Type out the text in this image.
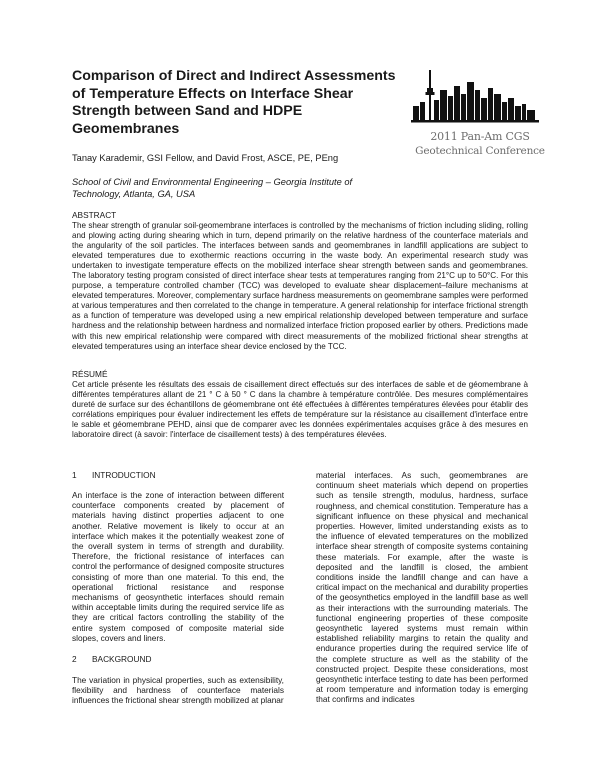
Comparison of Direct and Indirect Assessments of Temperature Effects on Interface Shear Strength between Sand and HDPE Geomembranes
Tanay Karademir, GSI Fellow, and David Frost, ASCE, PE, PEng
School of Civil and Environmental Engineering – Georgia Institute of Technology, Atlanta, GA, USA
2011 Pan-Am CGS
Geotechnical Conference
ABSTRACT

The shear strength of granular soil-geomembrane interfaces is controlled by the mechanisms of friction including sliding, rolling and plowing acting during shearing which in turn, depend primarily on the relative hardness of the counterface materials and the angularity of the soil particles. The interfaces between sands and geomembranes in landfill applications are subject to elevated temperatures due to exothermic reactions occurring in the waste body. An experimental research study was undertaken to investigate temperature effects on the mobilized interface shear strength between sands and geomembranes. The laboratory testing program consisted of direct interface shear tests at temperatures ranging from 21°C up to 50°C. For this purpose, a temperature controlled chamber (TCC) was developed to evaluate shear displacement–failure mechanisms at elevated temperatures. Moreover, complementary surface hardness measurements on geomembrane samples were performed at various temperatures and then correlated to the change in temperature. A general relationship for interface frictional strength as a function of temperature was developed using a new empirical relationship developed between temperature and surface hardness and the relationship between hardness and normalized interface friction proposed earlier by others. Predictions made with this new empirical relationship were compared with direct measurements of the mobilized frictional shear strengths at elevated temperatures using an interface shear device enclosed by the TCC.

RÉSUMÉ

Cet article présente les résultats des essais de cisaillement direct effectués sur des interfaces de sable et de géomembrane à différentes températures allant de 21 ° C à 50 ° C dans la chambre à température contrôlée. Des mesures complémentaires dureté de surface sur des échantillons de géomembrane ont été effectuées à différentes températures élevées pour établir des corrélations empiriques pour évaluer indirectement les effets de température sur la résistance au cisaillement d'interface entre le sable et géomembrane PEHD, ainsi que de comparer avec les données expérimentales acquises grâce à des mesures en laboratoire direct (à savoir: l'interface de cisaillement tests) à des températures élevées.

1 INTRODUCTION

An interface is the zone of interaction between different counterface components created by placement of materials having distinct properties adjacent to one another. Relative movement is likely to occur at an interface which makes it the potentially weakest zone of the overall system in terms of strength and durability. Therefore, the frictional resistance of interfaces can control the performance of designed composite structures consisting of more than one material. To this end, the operational frictional resistance and response mechanisms of geosynthetic interfaces should remain within acceptable limits during the required service life as they are critical factors controlling the stability of the entire system composed of composite material side slopes, covers and liners.

2 BACKGROUND

The variation in physical properties, such as extensibility, flexibility and hardness of counterface materials influences the frictional shear strength mobilized at planar

material interfaces. As such, geomembranes are continuum sheet materials which depend on properties such as tensile strength, modulus, hardness, surface roughness, and chemical constitution. Temperature has a significant influence on these physical and mechanical properties. However, limited understanding exists as to the influence of elevated temperatures on the mobilized interface shear strength of composite systems containing these materials. For example, after the waste is deposited and the landfill is closed, the ambient conditions inside the landfill change and can have a critical impact on the mechanical and durability properties of the geosynthetics employed in the landfill base as well as their interactions with the surrounding materials. The functional engineering properties of these composite geosynthetic layered systems must remain within established reliability margins to retain the quality and endurance properties during the required service life of the complete structure as well as the stability of the constructed project. Despite these considerations, most geosynthetic interface testing to date has been performed at room temperature and information today is emerging that confirms and indicates
